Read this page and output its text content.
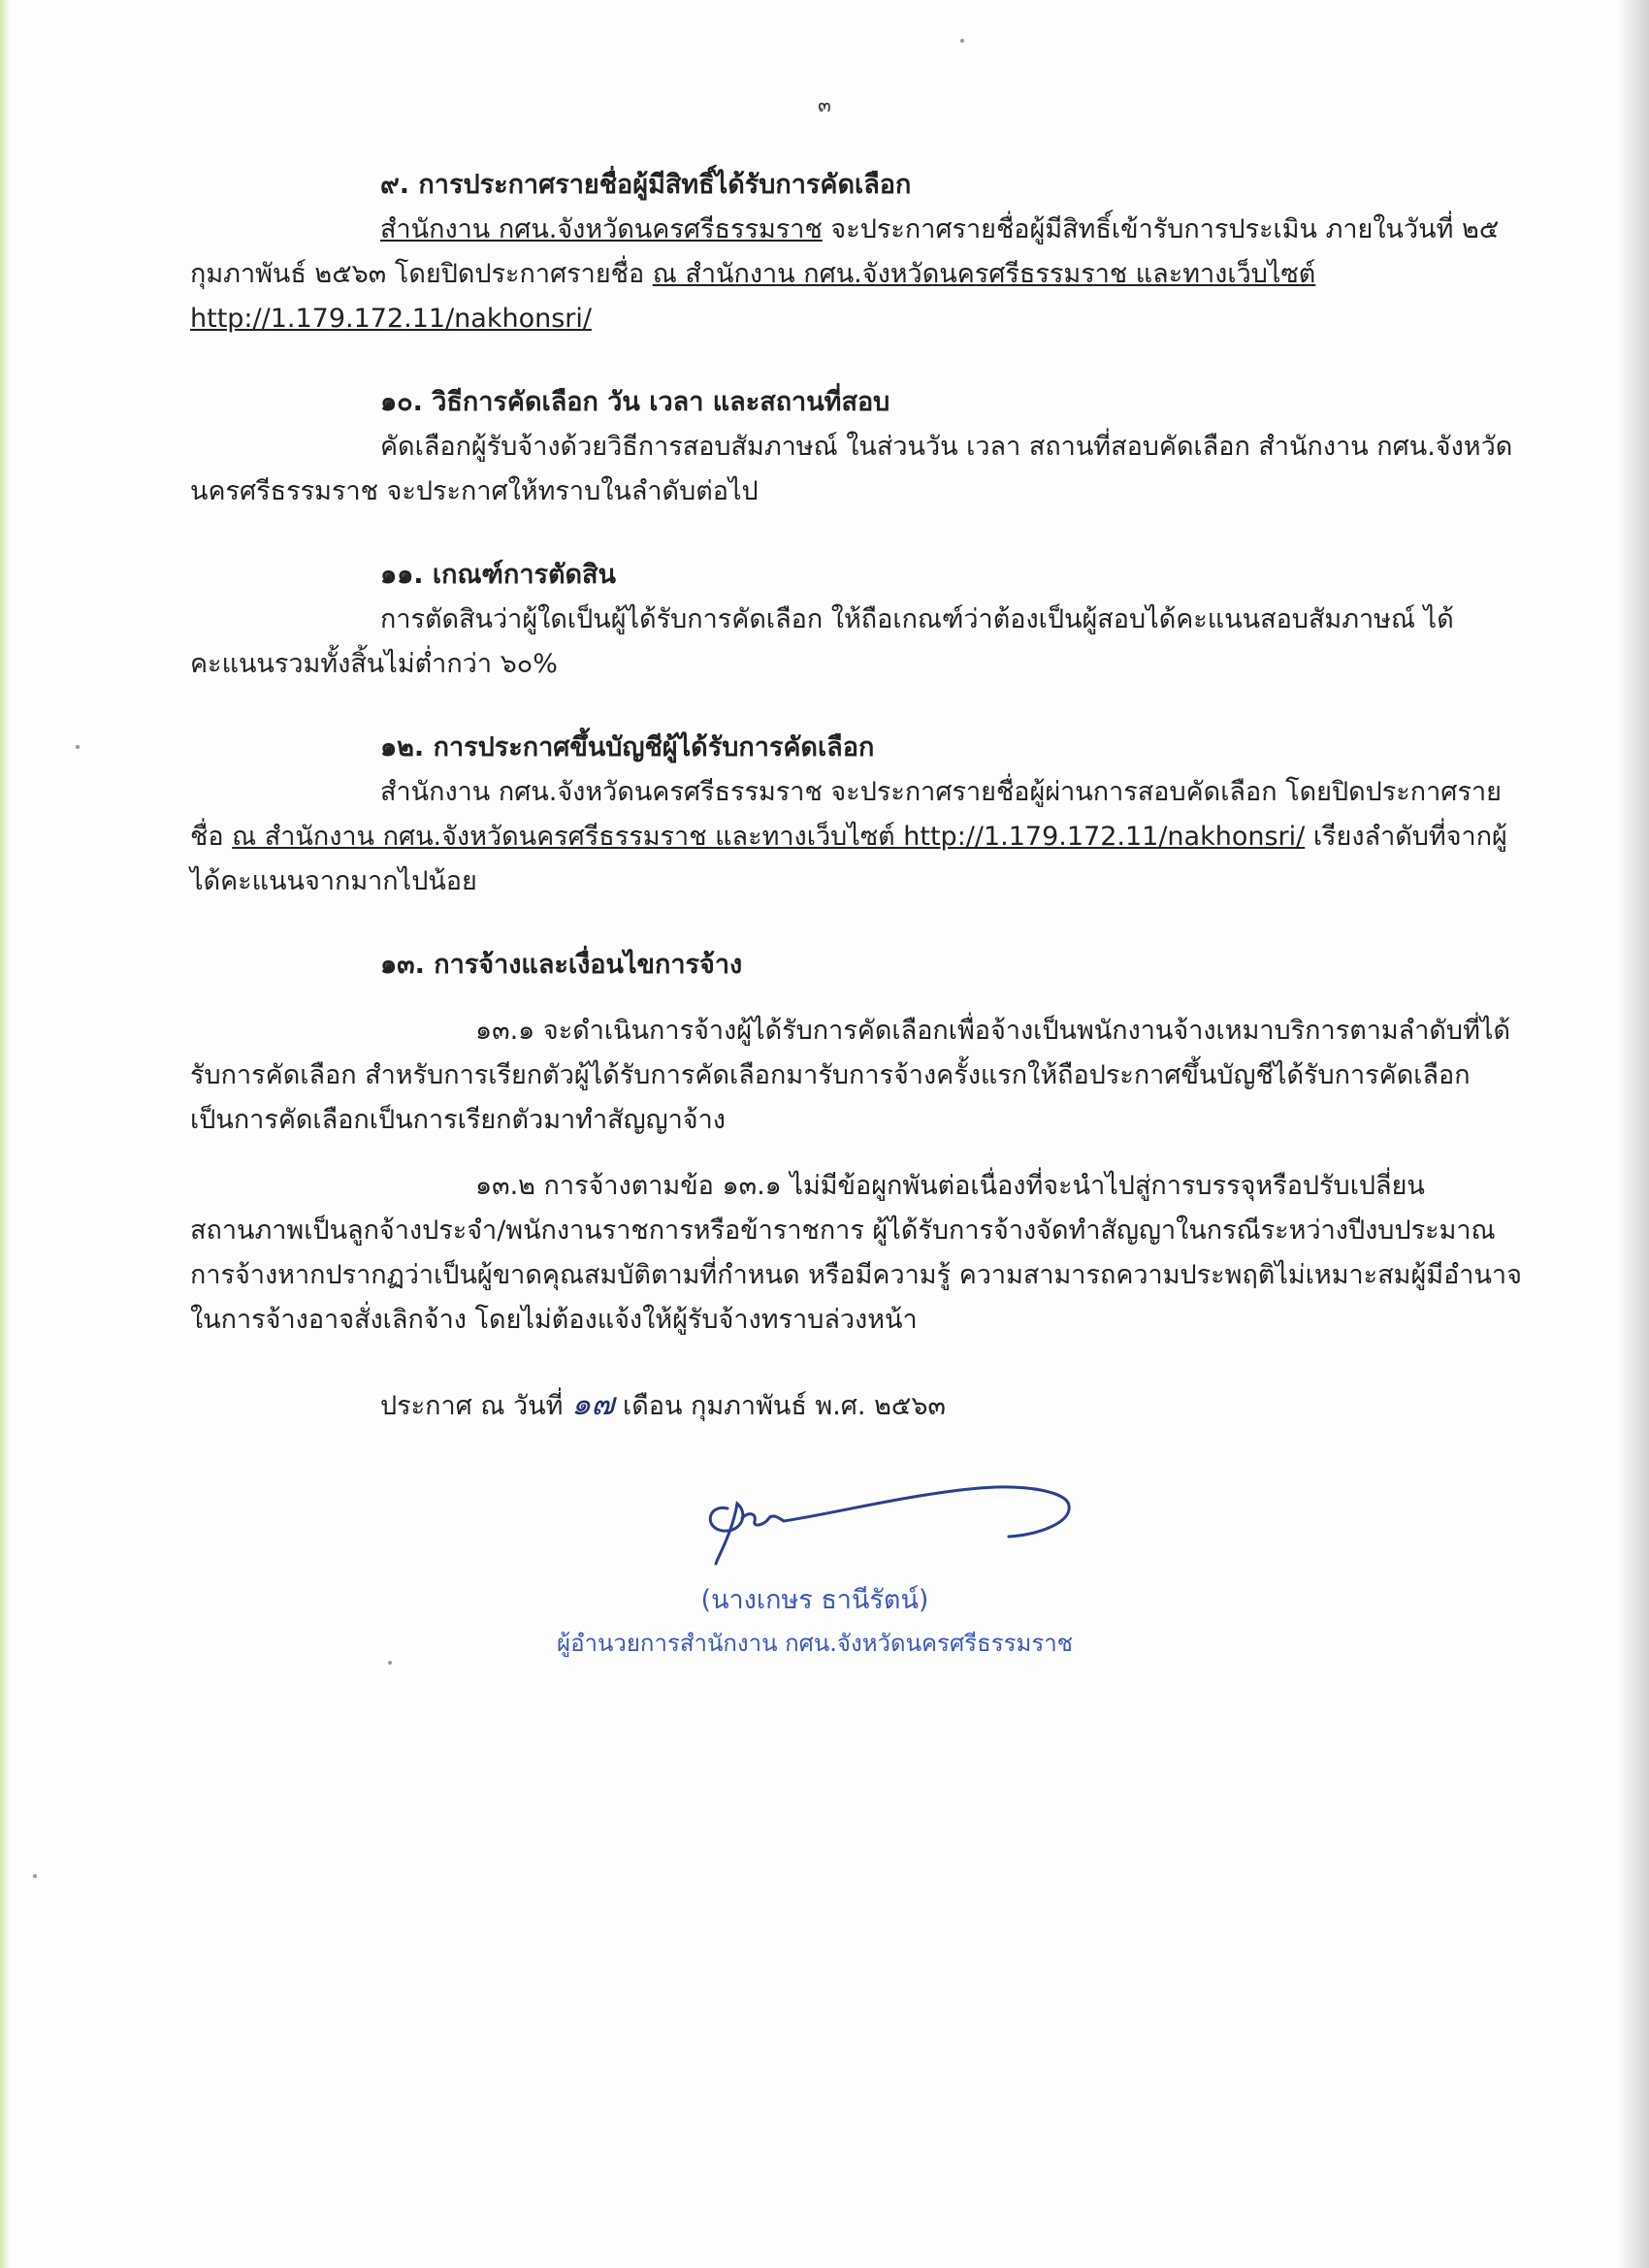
๓
๙. การประกาศรายชื่อผู้มีสิทธิ์ได้รับการคัดเลือก
สำนักงาน กศน.จังหวัดนครศรีธรรมราช จะประกาศรายชื่อผู้มีสิทธิ์เข้ารับการประเมิน ภายในวันที่ ๒๕ กุมภาพันธ์ ๒๕๖๓ โดยปิดประกาศรายชื่อ ณ สำนักงาน กศน.จังหวัดนครศรีธรรมราช และทางเว็บไซต์ http://1.179.172.11/nakhonsri/
๑๐. วิธีการคัดเลือก วัน เวลา และสถานที่สอบ
คัดเลือกผู้รับจ้างด้วยวิธีการสอบสัมภาษณ์ ในส่วนวัน เวลา สถานที่สอบคัดเลือก สำนักงาน กศน.จังหวัดนครศรีธรรมราช จะประกาศให้ทราบในลำดับต่อไป
๑๑. เกณฑ์การตัดสิน
การตัดสินว่าผู้ใดเป็นผู้ได้รับการคัดเลือก ให้ถือเกณฑ์ว่าต้องเป็นผู้สอบได้คะแนนสอบสัมภาษณ์ ได้คะแนนรวมทั้งสิ้นไม่ต่ำกว่า ๖๐%
๑๒. การประกาศขึ้นบัญชีผู้ได้รับการคัดเลือก
สำนักงาน กศน.จังหวัดนครศรีธรรมราช จะประกาศรายชื่อผู้ผ่านการสอบคัดเลือก โดยปิดประกาศรายชื่อ ณ สำนักงาน กศน.จังหวัดนครศรีธรรมราช และทางเว็บไซต์ http://1.179.172.11/nakhonsri/ เรียงลำดับที่จากผู้ได้คะแนนจากมากไปน้อย
๑๓. การจ้างและเงื่อนไขการจ้าง
๑๓.๑ จะดำเนินการจ้างผู้ได้รับการคัดเลือกเพื่อจ้างเป็นพนักงานจ้างเหมาบริการตามลำดับที่ได้รับการคัดเลือก สำหรับการเรียกตัวผู้ได้รับการคัดเลือกมารับการจ้างครั้งแรกให้ถือประกาศขึ้นบัญชีได้รับการคัดเลือกเป็นการคัดเลือกเป็นการเรียกตัวมาทำสัญญาจ้าง
๑๓.๒ การจ้างตามข้อ ๑๓.๑ ไม่มีข้อผูกพันต่อเนื่องที่จะนำไปสู่การบรรจุหรือปรับเปลี่ยนสถานภาพเป็นลูกจ้างประจำ/พนักงานราชการหรือข้าราชการ ผู้ได้รับการจ้างจัดทำสัญญาในกรณีระหว่างปีงบประมาณการจ้างหากปรากฏว่าเป็นผู้ขาดคุณสมบัติตามที่กำหนด หรือมีความรู้ ความสามารถความประพฤติไม่เหมาะสมผู้มีอำนาจในการจ้างอาจสั่งเลิกจ้าง โดยไม่ต้องแจ้งให้ผู้รับจ้างทราบล่วงหน้า
ประกาศ ณ วันที่ ๑๗ เดือน กุมภาพันธ์ พ.ศ. ๒๕๖๓
(นางเกษร ธานีรัตน์)
ผู้อำนวยการสำนักงาน กศน.จังหวัดนครศรีธรรมราช
